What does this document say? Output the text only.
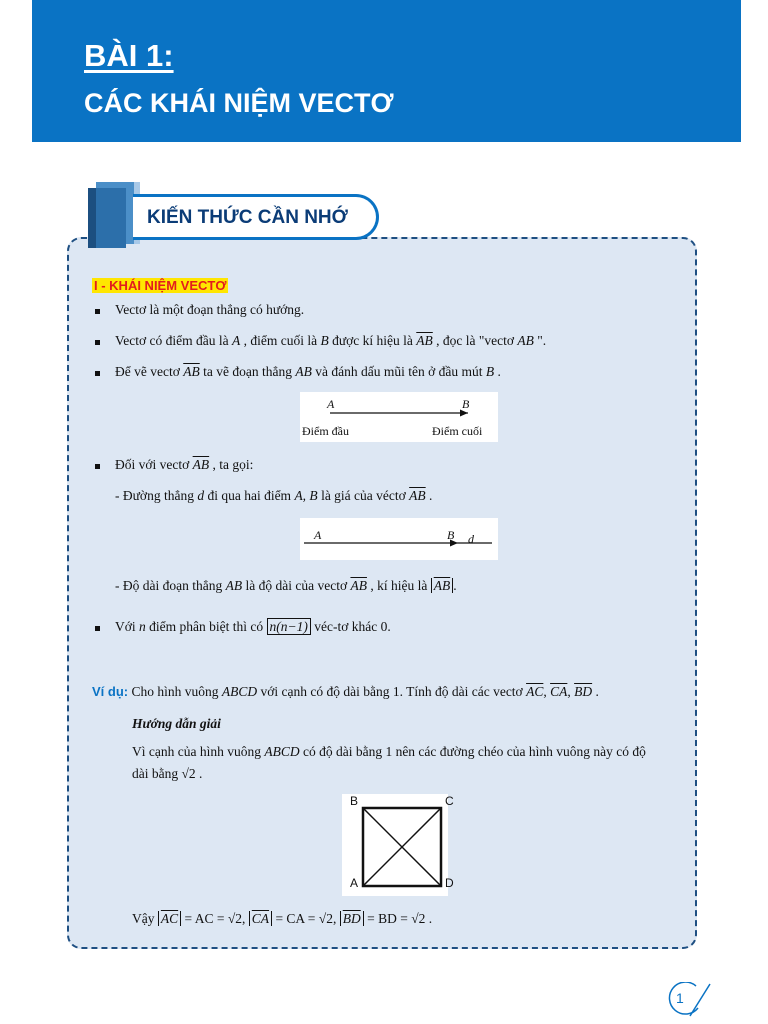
BÀI 1:
CÁC KHÁI NIỆM VECTƠ
KIẾN THỨC CẦN NHỚ
I - KHÁI NIỆM VECTƠ
Vectơ là một đoạn thẳng có hướng.
Vectơ có điểm đầu là A , điểm cuối là B được kí hiệu là $\overline{AB}$ , đọc là "vectơ AB ".
Để vẽ vectơ $\overline{AB}$ ta vẽ đoạn thẳng AB và đánh dấu mũi tên ở đầu mút B .
A	B
Điểm đầu	Điểm cuối
Đối với vectơ $\overline{AB}$ , ta gọi:
- Đường thẳng d đi qua hai điểm A, B là giá của véctơ $\overline{AB}$ .
A	B d
- Độ dài đoạn thẳng AB là độ dài của vectơ $\overline{AB}$ , kí hiệu là $\overline{AB}$ .
Với n điểm phân biệt thì có n(n−1) véc-tơ khác 0.
Ví dụ: Cho hình vuông ABCD với cạnh có độ dài bằng 1. Tính độ dài các vectơ $\overline{AC}$, $\overline{CA}$, $\overline{BD}$ .
Hướng dẫn giải
Vì cạnh của hình vuông ABCD có độ dài bằng 1 nên các đường chéo của hình vuông này có độ
dài bằng √2 .
B	C
A	D
Vậy $\overline{AC}$ = AC = √2, $\overline{CA}$ = CA = √2, $\overline{BD}$ = BD = √2 .
1
